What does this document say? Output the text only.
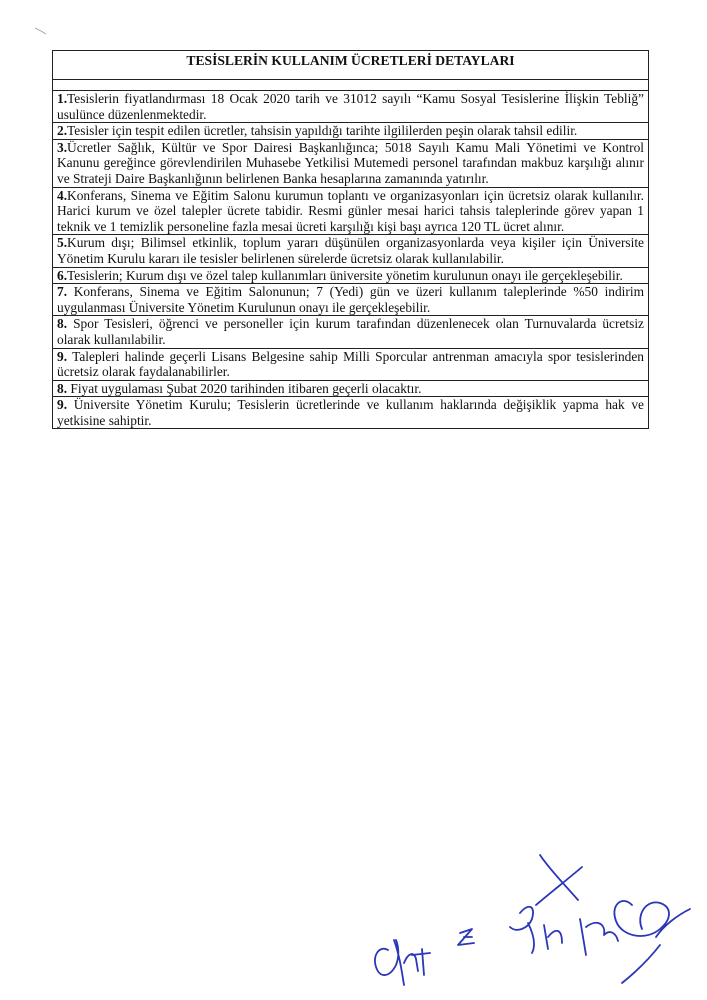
TESİSLERİN KULLANIM ÜCRETLERİ DETAYLARI

1.Tesislerin fiyatlandırması 18 Ocak 2020 tarih ve 31012 sayılı “Kamu Sosyal Tesislerine İlişkin Tebliğ” usulünce düzenlenmektedir.
2.Tesisler için tespit edilen ücretler, tahsisin yapıldığı tarihte ilgililerden peşin olarak tahsil edilir.
3.Ücretler Sağlık, Kültür ve Spor Dairesi Başkanlığınca; 5018 Sayılı Kamu Mali Yönetimi ve Kontrol Kanunu gereğince görevlendirilen Muhasebe Yetkilisi Mutemedi personel tarafından makbuz karşılığı alınır ve Strateji Daire Başkanlığının belirlenen Banka hesaplarına zamanında yatırılır.
4.Konferans, Sinema ve Eğitim Salonu kurumun toplantı ve organizasyonları için ücretsiz olarak kullanılır. Harici kurum ve özel talepler ücrete tabidir. Resmi günler mesai harici tahsis taleplerinde görev yapan 1 teknik ve 1 temizlik personeline fazla mesai ücreti karşılığı kişi başı ayrıca 120 TL ücret alınır.
5.Kurum dışı; Bilimsel etkinlik, toplum yararı düşünülen organizasyonlarda veya kişiler için Üniversite Yönetim Kurulu kararı ile tesisler belirlenen sürelerde ücretsiz olarak kullanılabilir.
6.Tesislerin; Kurum dışı ve özel talep kullanımları üniversite yönetim kurulunun onayı ile gerçekleşebilir.
7. Konferans, Sinema ve Eğitim Salonunun; 7 (Yedi) gün ve üzeri kullanım taleplerinde %50 indirim uygulanması Üniversite Yönetim Kurulunun onayı ile gerçekleşebilir.
8. Spor Tesisleri, öğrenci ve personeller için kurum tarafından düzenlenecek olan Turnuvalarda ücretsiz olarak kullanılabilir.
9. Talepleri halinde geçerli Lisans Belgesine sahip Milli Sporcular antrenman amacıyla spor tesislerinden ücretsiz olarak faydalanabilirler.
8. Fiyat uygulaması Şubat 2020 tarihinden itibaren geçerli olacaktır.
9. Üniversite Yönetim Kurulu; Tesislerin ücretlerinde ve kullanım haklarında değişiklik yapma hak ve yetkisine sahiptir.
